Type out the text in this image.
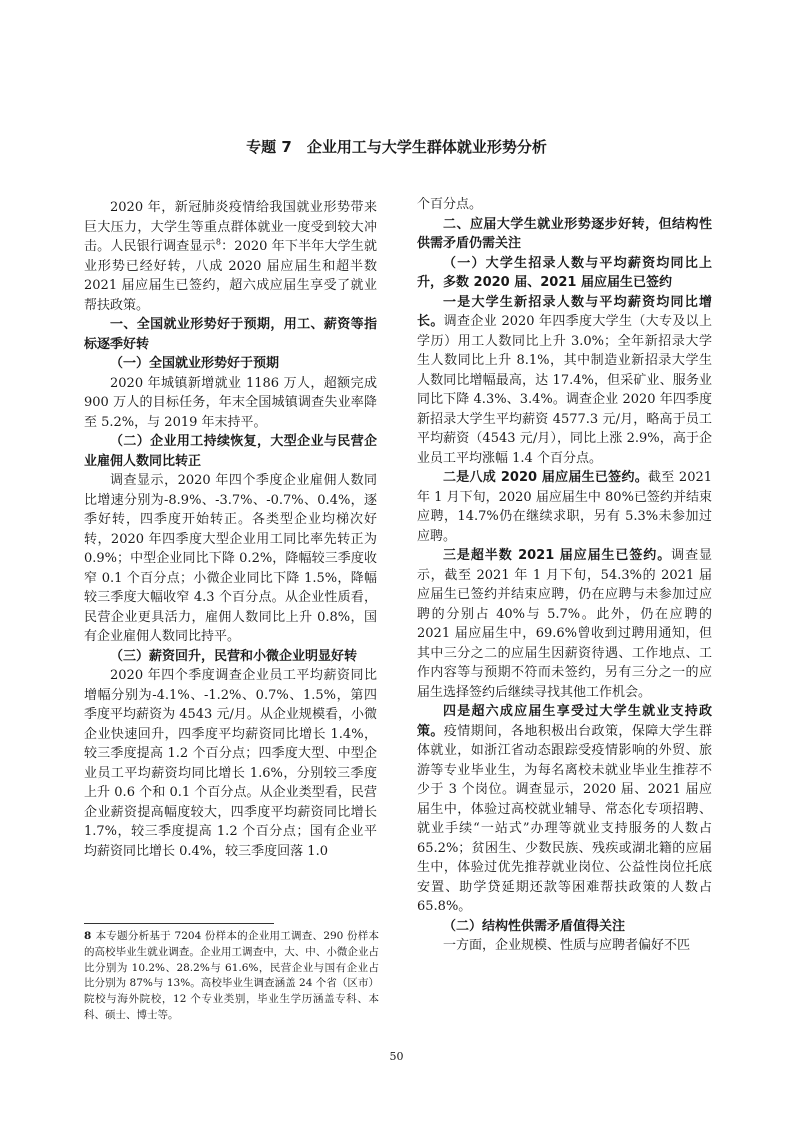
专题 7　企业用工与大学生群体就业形势分析

2020 年，新冠肺炎疫情给我国就业形势带来巨大压力，大学生等重点群体就业一度受到较大冲击。人民银行调查显示$^8$：2020 年下半年大学生就业形势已经好转，八成 2020 届应届生和超半数 2021 届应届生已签约，超六成应届生享受了就业帮扶政策。

一、全国就业形势好于预期，用工、薪资等指标逐季好转

（一）全国就业形势好于预期

2020 年城镇新增就业 1186 万人，超额完成 900 万人的目标任务，年末全国城镇调查失业率降至 5.2%，与 2019 年末持平。

（二）企业用工持续恢复，大型企业与民营企业雇佣人数同比转正

调查显示，2020 年四个季度企业雇佣人数同比增速分别为-8.9%、-3.7%、-0.7%、0.4%，逐季好转，四季度开始转正。各类型企业均梯次好转，2020 年四季度大型企业用工同比率先转正为 0.9%；中型企业同比下降 0.2%，降幅较三季度收窄 0.1 个百分点；小微企业同比下降 1.5%，降幅较三季度大幅收窄 4.3 个百分点。从企业性质看，民营企业更具活力，雇佣人数同比上升 0.8%，国有企业雇佣人数同比持平。

（三）薪资回升，民营和小微企业明显好转

2020 年四个季度调查企业员工平均薪资同比增幅分别为-4.1%、-1.2%、0.7%、1.5%，第四季度平均薪资为 4543 元/月。从企业规模看，小微企业快速回升，四季度平均薪资同比增长 1.4%，较三季度提高 1.2 个百分点；四季度大型、中型企业员工平均薪资均同比增长 1.6%，分别较三季度上升 0.6 个和 0.1 个百分点。从企业类型看，民营企业薪资提高幅度较大，四季度平均薪资同比增长 1.7%，较三季度提高 1.2 个百分点；国有企业平均薪资同比增长 0.4%，较三季度回落 1.0

个百分点。

二、应届大学生就业形势逐步好转，但结构性供需矛盾仍需关注

（一）大学生招录人数与平均薪资均同比上升，多数 2020 届、2021 届应届生已签约

一是大学生新招录人数与平均薪资均同比增长。调查企业 2020 年四季度大学生（大专及以上学历）用工人数同比上升 3.0%；全年新招录大学生人数同比上升 8.1%，其中制造业新招录大学生人数同比增幅最高，达 17.4%，但采矿业、服务业同比下降 4.3%、3.4%。调查企业 2020 年四季度新招录大学生平均薪资 4577.3 元/月，略高于员工平均薪资（4543 元/月），同比上涨 2.9%，高于企业员工平均涨幅 1.4 个百分点。

二是八成 2020 届应届生已签约。截至 2021 年 1 月下旬，2020 届应届生中 80%已签约并结束应聘，14.7%仍在继续求职，另有 5.3%未参加过应聘。

三是超半数 2021 届应届生已签约。调查显示，截至 2021 年 1 月下旬，54.3%的 2021 届应届生已签约并结束应聘，仍在应聘与未参加过应聘的分别占 40%与 5.7%。此外，仍在应聘的 2021 届应届生中，69.6%曾收到过聘用通知，但其中三分之二的应届生因薪资待遇、工作地点、工作内容等与预期不符而未签约，另有三分之一的应届生选择签约后继续寻找其他工作机会。

四是超六成应届生享受过大学生就业支持政策。疫情期间，各地积极出台政策，保障大学生群体就业，如浙江省动态跟踪受疫情影响的外贸、旅游等专业毕业生，为每名离校未就业毕业生推荐不少于 3 个岗位。调查显示，2020 届、2021 届应届生中，体验过高校就业辅导、常态化专项招聘、就业手续“一站式”办理等就业支持服务的人数占 65.2%；贫困生、少数民族、残疾或湖北籍的应届生中，体验过优先推荐就业岗位、公益性岗位托底安置、助学贷延期还款等困难帮扶政策的人数占 65.8%。

（二）结构性供需矛盾值得关注

一方面，企业规模、性质与应聘者偏好不匹

8 本专题分析基于 7204 份样本的企业用工调查、290 份样本的高校毕业生就业调查。企业用工调查中，大、中、小微企业占比分别为 10.2%、28.2%与 61.6%，民营企业与国有企业占比分别为 87%与 13%。高校毕业生调查涵盖 24 个省（区市）院校与海外院校，12 个专业类别，毕业生学历涵盖专科、本科、硕士、博士等。
50
